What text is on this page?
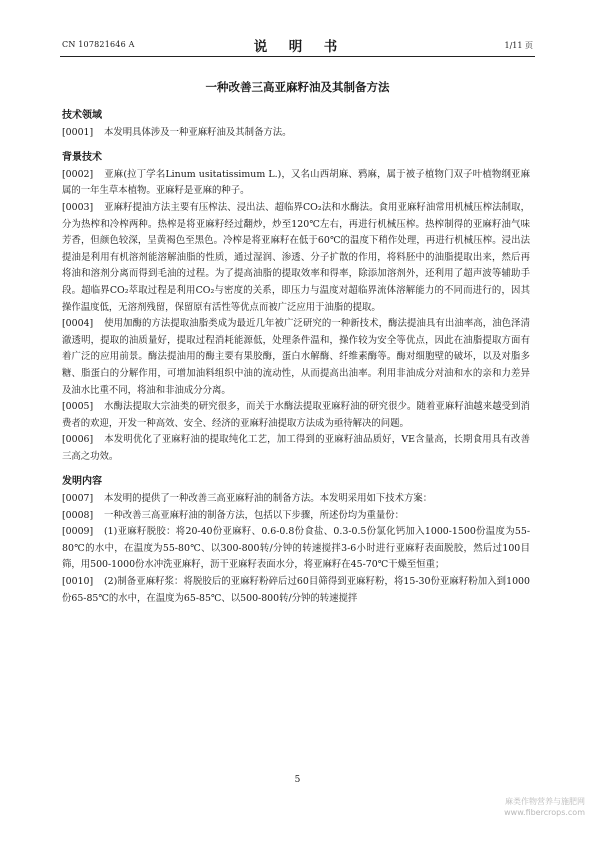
CN 107821646 A	说　明　书	1/11 页
一种改善三高亚麻籽油及其制备方法
技术领域
[0001] 本发明具体涉及一种亚麻籽油及其制备方法。
背景技术
[0002] 亚麻(拉丁学名Linum usitatissimum L.)，又名山西胡麻、鸦麻，属于被子植物门双子叶植物纲亚麻属的一年生草本植物。亚麻籽是亚麻的种子。
[0003] 亚麻籽提油方法主要有压榨法、浸出法、超临界CO₂法和水酶法。食用亚麻籽油常用机械压榨法制取，分为热榨和冷榨两种。热榨是将亚麻籽经过翻炒，炒至120℃左右，再进行机械压榨。热榨制得的亚麻籽油气味芳香，但颜色较深，呈黄褐色至黑色。冷榨是将亚麻籽在低于60℃的温度下稍作处理，再进行机械压榨。浸出法提油是利用有机溶剂能溶解油脂的性质，通过湿润、渗透、分子扩散的作用，将料胚中的油脂提取出来，然后再将油和溶剂分离而得到毛油的过程。为了提高油脂的提取效率和得率，除添加溶剂外，还利用了超声波等辅助手段。超临界CO₂萃取过程是利用CO₂与密度的关系，即压力与温度对超临界流体溶解能力的不同而进行的，因其操作温度低，无溶剂残留，保留原有活性等优点而被广泛应用于油脂的提取。
[0004] 使用加酶的方法提取油脂类成为最近几年被广泛研究的一种新技术，酶法提油具有出油率高，油色泽清澈透明，提取的油质量好，提取过程消耗能源低，处理条件温和，操作较为安全等优点，因此在油脂提取方面有着广泛的应用前景。酶法提油用的酶主要有果胶酶，蛋白水解酶、纤维素酶等。酶对细胞壁的破坏，以及对脂多糖、脂蛋白的分解作用，可增加油料组织中油的流动性，从而提高出油率。利用非油成分对油和水的亲和力差异及油水比重不同，将油和非油成分分离。
[0005] 水酶法提取大宗油类的研究很多，而关于水酶法提取亚麻籽油的研究很少。随着亚麻籽油越来越受到消费者的欢迎，开发一种高效、安全、经济的亚麻籽油提取方法成为亟待解决的问题。
[0006] 本发明优化了亚麻籽油的提取纯化工艺，加工得到的亚麻籽油品质好，VE含量高，长期食用具有改善三高之功效。
发明内容
[0007] 本发明的提供了一种改善三高亚麻籽油的制备方法。本发明采用如下技术方案：
[0008] 一种改善三高亚麻籽油的制备方法，包括以下步骤，所述份均为重量份：
[0009] (1)亚麻籽脱胶：将20-40份亚麻籽、0.6-0.8份食盐、0.3-0.5份氯化钙加入1000-1500份温度为55-80℃的水中，在温度为55-80℃、以300-800转/分钟的转速搅拌3-6小时进行亚麻籽表面脱胶，然后过100目筛，用500-1000份水冲洗亚麻籽，沥干亚麻籽表面水分，将亚麻籽在45-70℃干燥至恒重；
[0010] (2)制备亚麻籽浆：将脱胶后的亚麻籽粉碎后过60目筛得到亚麻籽粉，将15-30份亚麻籽粉加入到1000份65-85℃的水中，在温度为65-85℃、以500-800转/分钟的转速搅拌
5
麻类作物营养与施肥网
www.fibercrops.com
